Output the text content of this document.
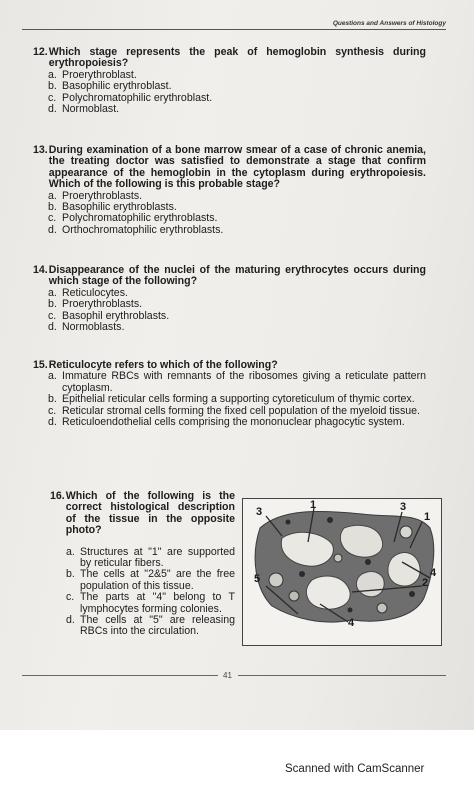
Questions and Answers of Histology
12. Which stage represents the peak of hemoglobin synthesis during erythropoiesis?
a. Proerythroblast.
b. Basophilic erythroblast.
c. Polychromatophilic erythroblast.
d. Normoblast.
13. During examination of a bone marrow smear of a case of chronic anemia, the treating doctor was satisfied to demonstrate a stage that confirm appearance of the hemoglobin in the cytoplasm during erythropoiesis. Which of the following is this probable stage?
a. Proerythroblasts.
b. Basophilic erythroblasts.
c. Polychromatophilic erythroblasts.
d. Orthochromatophilic erythroblasts.
14. Disappearance of the nuclei of the maturing erythrocytes occurs during which stage of the following?
a. Reticulocytes.
b. Proerythroblasts.
c. Basophil erythroblasts.
d. Normoblasts.
15. Reticulocyte refers to which of the following?
a. Immature RBCs with remnants of the ribosomes giving a reticulate pattern cytoplasm.
b. Epithelial reticular cells forming a supporting cytoreticulum of thymic cortex.
c. Reticular stromal cells forming the fixed cell population of the myeloid tissue.
d. Reticuloendothelial cells comprising the mononuclear phagocytic system.
16. Which of the following is the correct histological description of the tissue in the opposite photo?
a. Structures at "1" are supported by reticular fibers.
b. The cells at "2&5" are the free population of this tissue.
c. The parts at "4" belong to T lymphocytes forming colonies.
d. The cells at "5" are releasing RBCs into the circulation.
3
1	3
1
4
2
5
4
41
Scanned with CamScanner
